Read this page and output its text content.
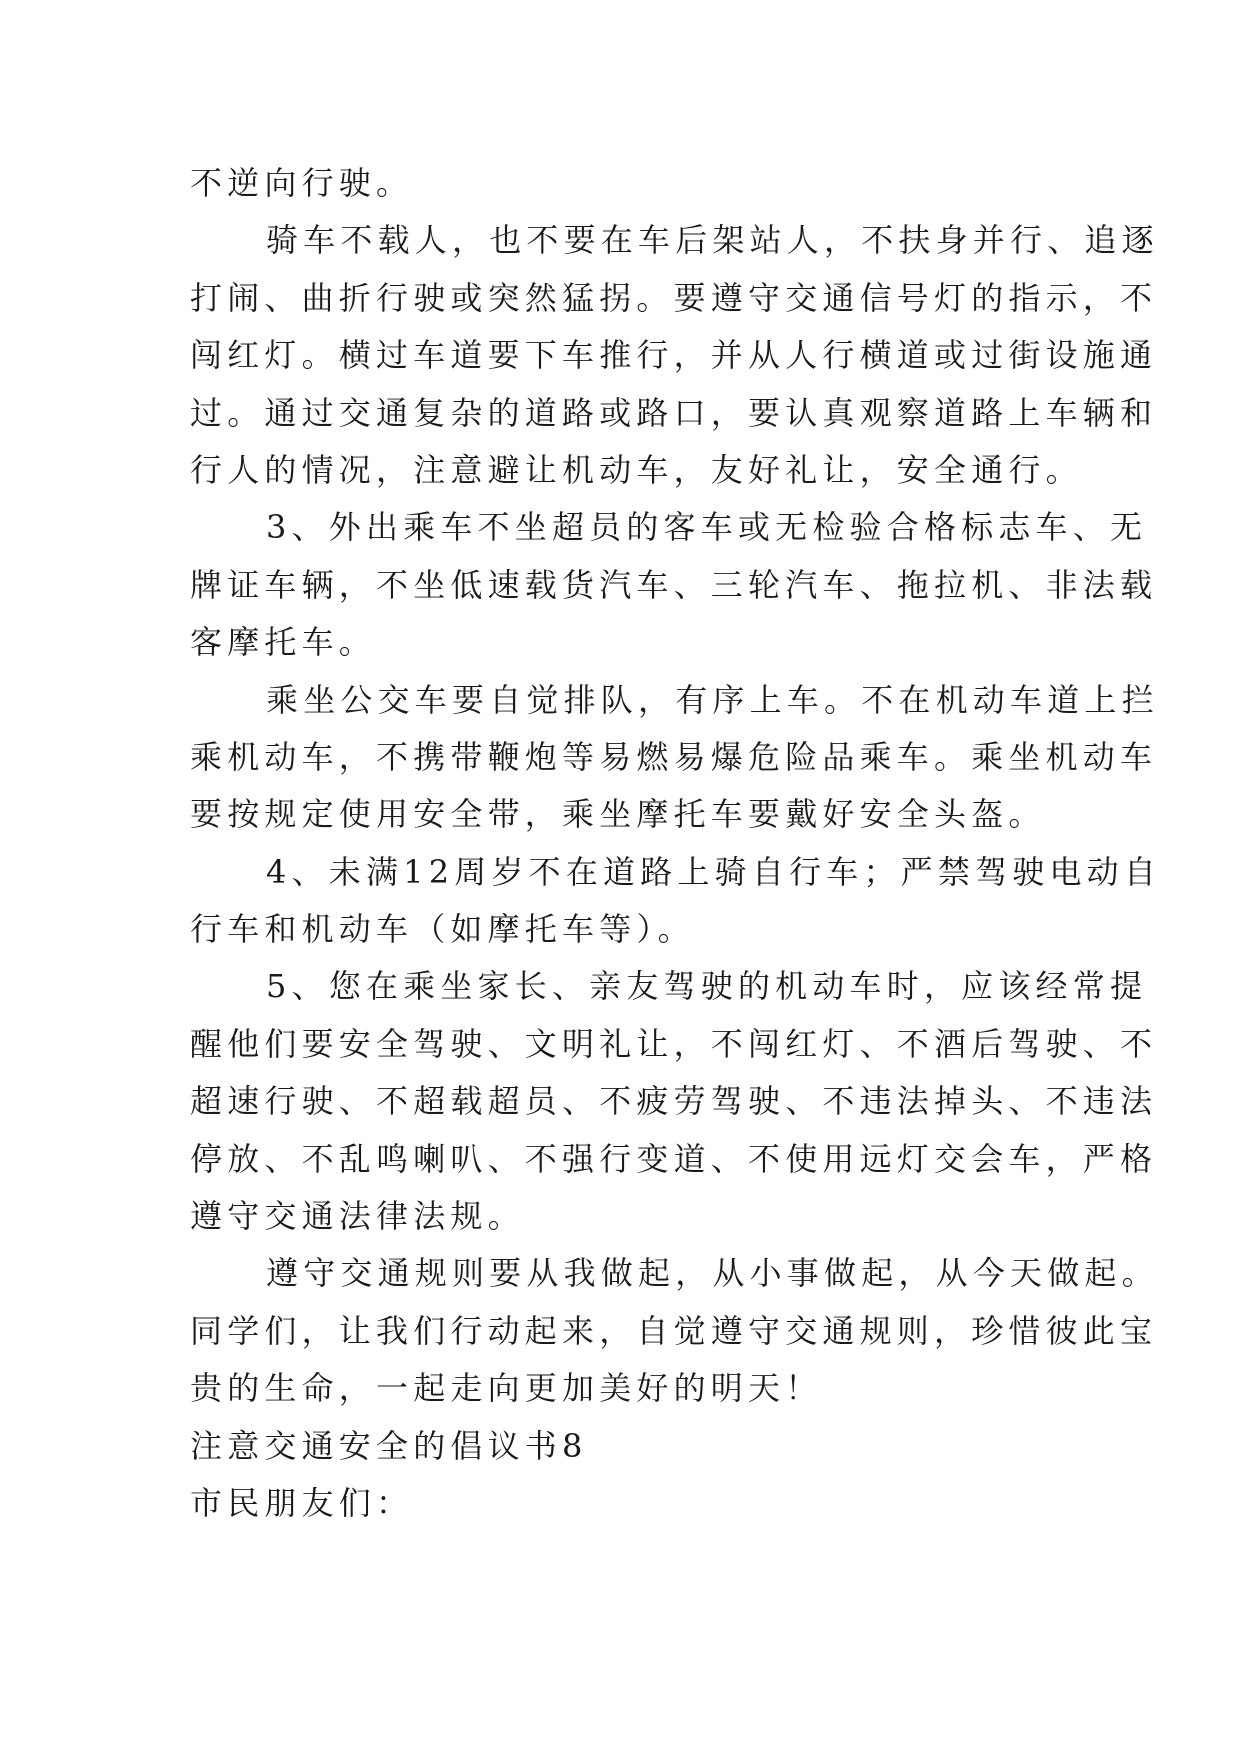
不逆向行驶。
骑车不载人，也不要在车后架站人，不扶身并行、追逐
打闹、曲折行驶或突然猛拐。要遵守交通信号灯的指示，不
闯红灯。横过车道要下车推行，并从人行横道或过街设施通
过。通过交通复杂的道路或路口，要认真观察道路上车辆和
行人的情况，注意避让机动车，友好礼让，安全通行。
3、外出乘车不坐超员的客车或无检验合格标志车、无
牌证车辆，不坐低速载货汽车、三轮汽车、拖拉机、非法载
客摩托车。
乘坐公交车要自觉排队，有序上车。不在机动车道上拦
乘机动车，不携带鞭炮等易燃易爆危险品乘车。乘坐机动车
要按规定使用安全带，乘坐摩托车要戴好安全头盔。
4、未满12周岁不在道路上骑自行车；严禁驾驶电动自
行车和机动车（如摩托车等）。
5、您在乘坐家长、亲友驾驶的机动车时，应该经常提
醒他们要安全驾驶、文明礼让，不闯红灯、不酒后驾驶、不
超速行驶、不超载超员、不疲劳驾驶、不违法掉头、不违法
停放、不乱鸣喇叭、不强行变道、不使用远灯交会车，严格
遵守交通法律法规。
遵守交通规则要从我做起，从小事做起，从今天做起。
同学们，让我们行动起来，自觉遵守交通规则，珍惜彼此宝
贵的生命，一起走向更加美好的明天！
注意交通安全的倡议书8
市民朋友们：
